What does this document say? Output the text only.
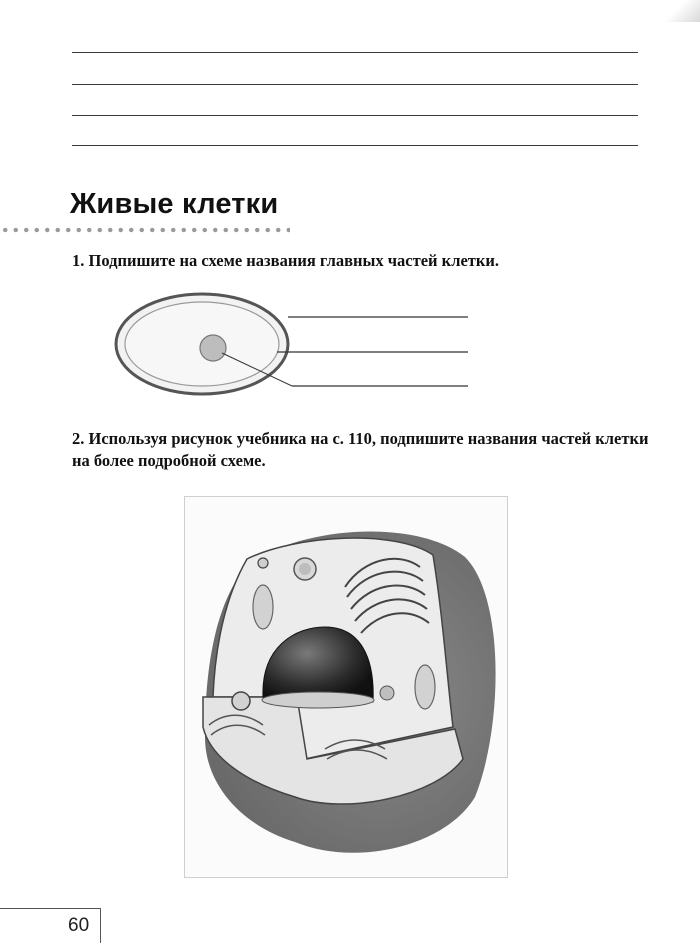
Живые клетки
1. Подпишите на схеме названия главных частей клетки.
2. Используя рисунок учебника на с. 110, подпишите названия частей клетки на более подробной схеме.
60
